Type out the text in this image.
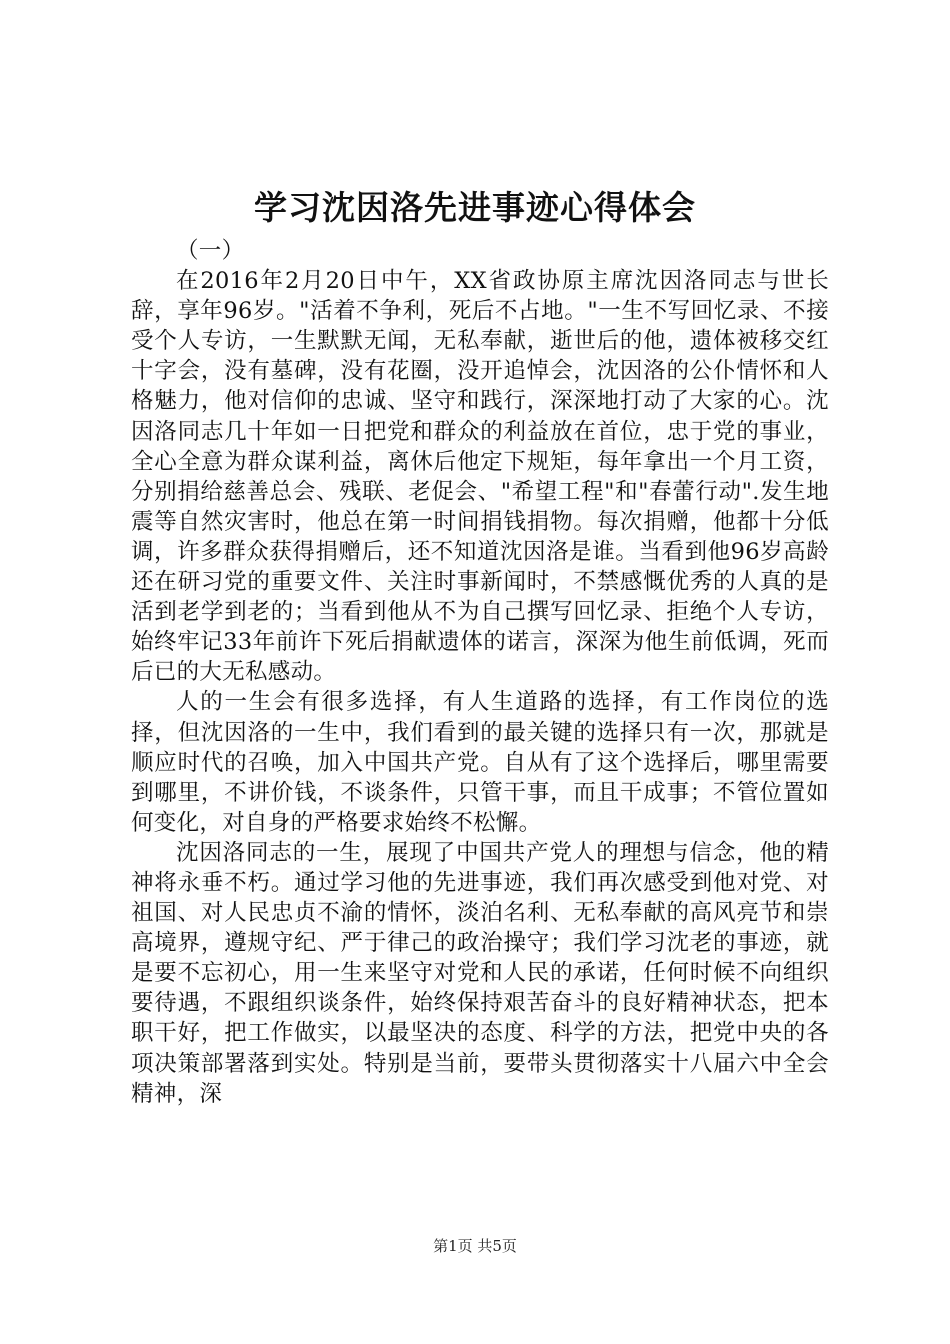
学习沈因洛先进事迹心得体会

（一）

在2016年2月20日中午，XX省政协原主席沈因洛同志与世长辞，享年96岁。"活着不争利，死后不占地。"一生不写回忆录、不接受个人专访，一生默默无闻，无私奉献，逝世后的他，遗体被移交红十字会，没有墓碑，没有花圈，没开追悼会，沈因洛的公仆情怀和人格魅力，他对信仰的忠诚、坚守和践行，深深地打动了大家的心。沈因洛同志几十年如一日把党和群众的利益放在首位，忠于党的事业，全心全意为群众谋利益，离休后他定下规矩，每年拿出一个月工资，分别捐给慈善总会、残联、老促会、"希望工程"和"春蕾行动".发生地震等自然灾害时，他总在第一时间捐钱捐物。每次捐赠，他都十分低调，许多群众获得捐赠后，还不知道沈因洛是谁。当看到他96岁高龄还在研习党的重要文件、关注时事新闻时，不禁感慨优秀的人真的是活到老学到老的；当看到他从不为自己撰写回忆录、拒绝个人专访，始终牢记33年前许下死后捐献遗体的诺言，深深为他生前低调，死而后已的大无私感动。

人的一生会有很多选择，有人生道路的选择，有工作岗位的选择，但沈因洛的一生中，我们看到的最关键的选择只有一次，那就是顺应时代的召唤，加入中国共产党。自从有了这个选择后，哪里需要到哪里，不讲价钱，不谈条件，只管干事，而且干成事；不管位置如何变化，对自身的严格要求始终不松懈。

沈因洛同志的一生，展现了中国共产党人的理想与信念，他的精神将永垂不朽。通过学习他的先进事迹，我们再次感受到他对党、对祖国、对人民忠贞不渝的情怀，淡泊名利、无私奉献的高风亮节和崇高境界，遵规守纪、严于律己的政治操守；我们学习沈老的事迹，就是要不忘初心，用一生来坚守对党和人民的承诺，任何时候不向组织要待遇，不跟组织谈条件，始终保持艰苦奋斗的良好精神状态，把本职干好，把工作做实，以最坚决的态度、科学的方法，把党中央的各项决策部署落到实处。特别是当前，要带头贯彻落实十八届六中全会精神，深

第1页 共5页
